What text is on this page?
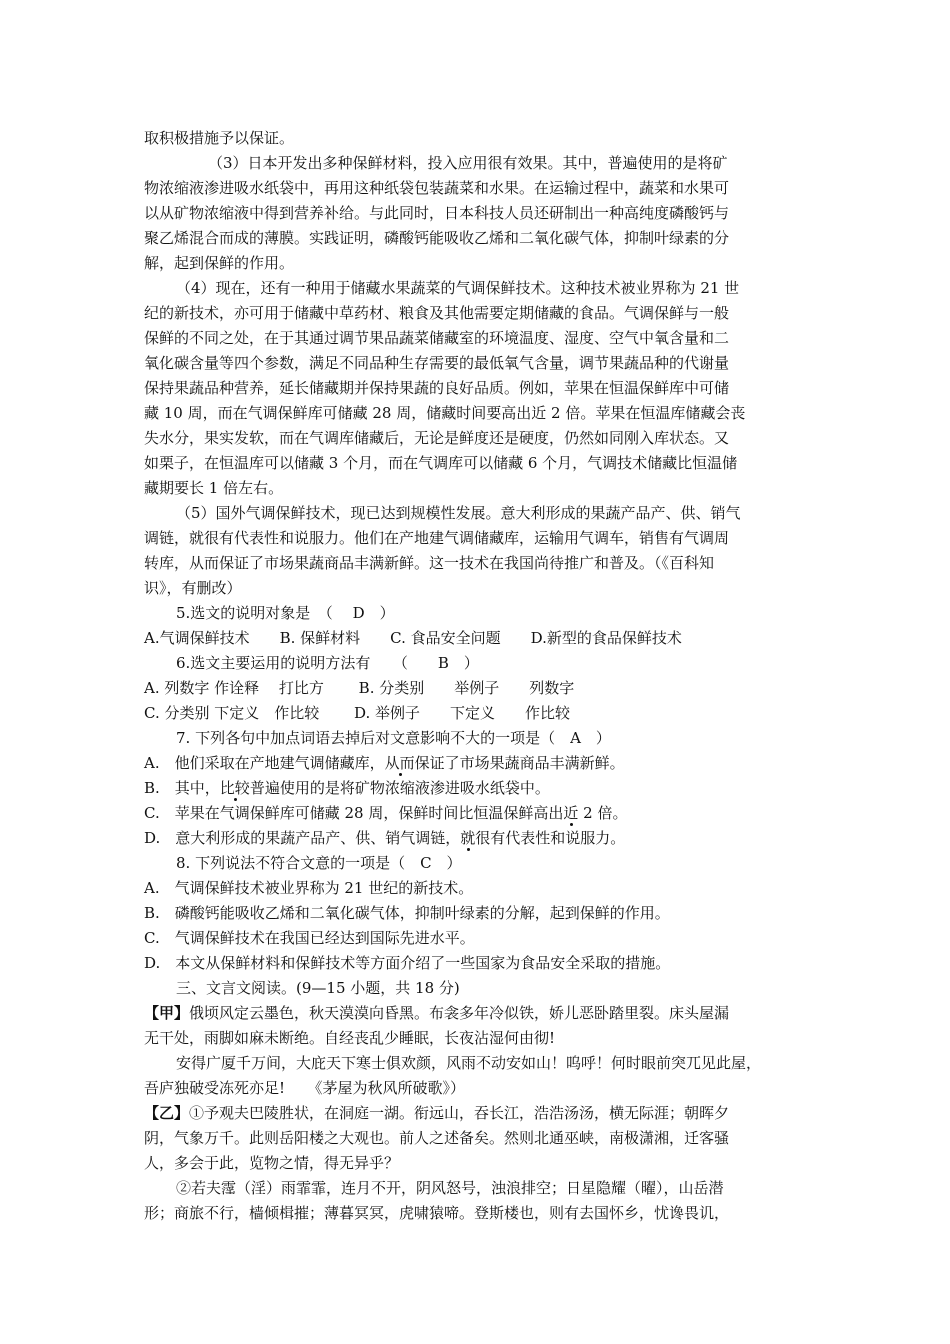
取积极措施予以保证。
（3）日本开发出多种保鲜材料，投入应用很有效果。其中，普遍使用的是将矿
物浓缩液渗进吸水纸袋中，再用这种纸袋包装蔬菜和水果。在运输过程中，蔬菜和水果可
以从矿物浓缩液中得到营养补给。与此同时，日本科技人员还研制出一种高纯度磷酸钙与
聚乙烯混合而成的薄膜。实践证明，磷酸钙能吸收乙烯和二氧化碳气体，抑制叶绿素的分
解，起到保鲜的作用。
（4）现在，还有一种用于储藏水果蔬菜的气调保鲜技术。这种技术被业界称为 21 世
纪的新技术，亦可用于储藏中草药材、粮食及其他需要定期储藏的食品。气调保鲜与一般
保鲜的不同之处，在于其通过调节果品蔬菜储藏室的环境温度、湿度、空气中氧含量和二
氧化碳含量等四个参数，满足不同品种生存需要的最低氧气含量，调节果蔬品种的代谢量
保持果蔬品种营养，延长储藏期并保持果蔬的良好品质。例如，苹果在恒温保鲜库中可储
藏 10 周，而在气调保鲜库可储藏 28 周，储藏时间要高出近 2 倍。苹果在恒温库储藏会丧
失水分，果实发软，而在气调库储藏后，无论是鲜度还是硬度，仍然如同刚入库状态。又
如栗子，在恒温库可以储藏 3 个月，而在气调库可以储藏 6 个月，气调技术储藏比恒温储
藏期要长 1 倍左右。
（5）国外气调保鲜技术，现已达到规模性发展。意大利形成的果蔬产品产、供、销气
调链，就很有代表性和说服力。他们在产地建气调储藏库，运输用气调车，销售有气调周
转库，从而保证了市场果蔬商品丰满新鲜。这一技术在我国尚待推广和普及。（《百科知
识》，有删改）
5.选文的说明对象是　（　 D　）
A.气调保鲜技术　　B. 保鲜材料　　C. 食品安全问题　　D.新型的食品保鲜技术
6.选文主要运用的说明方法有　　（　　B　）
A. 列数字 作诠释　 打比方　　 B. 分类别　　举例子　　列数字
C. 分类别 下定义　作比较　　 D. 举例子　　下定义　　作比较
7. 下列各句中加点词语去掉后对文意影响不大的一项是（　A　）
A.　他们采取在产地建气调储藏库，从而保证了市场果蔬商品丰满新鲜。
B.　其中，比较普遍使用的是将矿物浓缩液渗进吸水纸袋中。
C.　苹果在气调保鲜库可储藏 28 周，保鲜时间比恒温保鲜高出近 2 倍。
D.　意大利形成的果蔬产品产、供、销气调链，就很有代表性和说服力。
8. 下列说法不符合文意的一项是（　C　）
A.　气调保鲜技术被业界称为 21 世纪的新技术。
B.　磷酸钙能吸收乙烯和二氧化碳气体，抑制叶绿素的分解，起到保鲜的作用。
C.　气调保鲜技术在我国已经达到国际先进水平。
D.　本文从保鲜材料和保鲜技术等方面介绍了一些国家为食品安全采取的措施。
三、文言文阅读。(9—15 小题，共 18 分)
【甲】俄顷风定云墨色，秋天漠漠向昏黑。布衾多年冷似铁，娇儿恶卧踏里裂。床头屋漏
无干处，雨脚如麻未断绝。自经丧乱少睡眠，长夜沾湿何由彻!
安得广厦千万间，大庇天下寒士俱欢颜，风雨不动安如山！呜呼！何时眼前突兀见此屋，
吾庐独破受冻死亦足!　　《茅屋为秋风所破歌》）
【乙】①予观夫巴陵胜状，在洞庭一湖。衔远山，吞长江，浩浩汤汤，横无际涯；朝晖夕
阴，气象万千。此则岳阳楼之大观也。前人之述备矣。然则北通巫峡，南极潇湘，迁客骚
人，多会于此，览物之情，得无异乎？
②若夫霪（淫）雨霏霏，连月不开，阴风怒号，浊浪排空；日星隐耀（曜），山岳潜
形；商旅不行，樯倾楫摧；薄暮冥冥，虎啸猿啼。登斯楼也，则有去国怀乡，忧谗畏讥，
